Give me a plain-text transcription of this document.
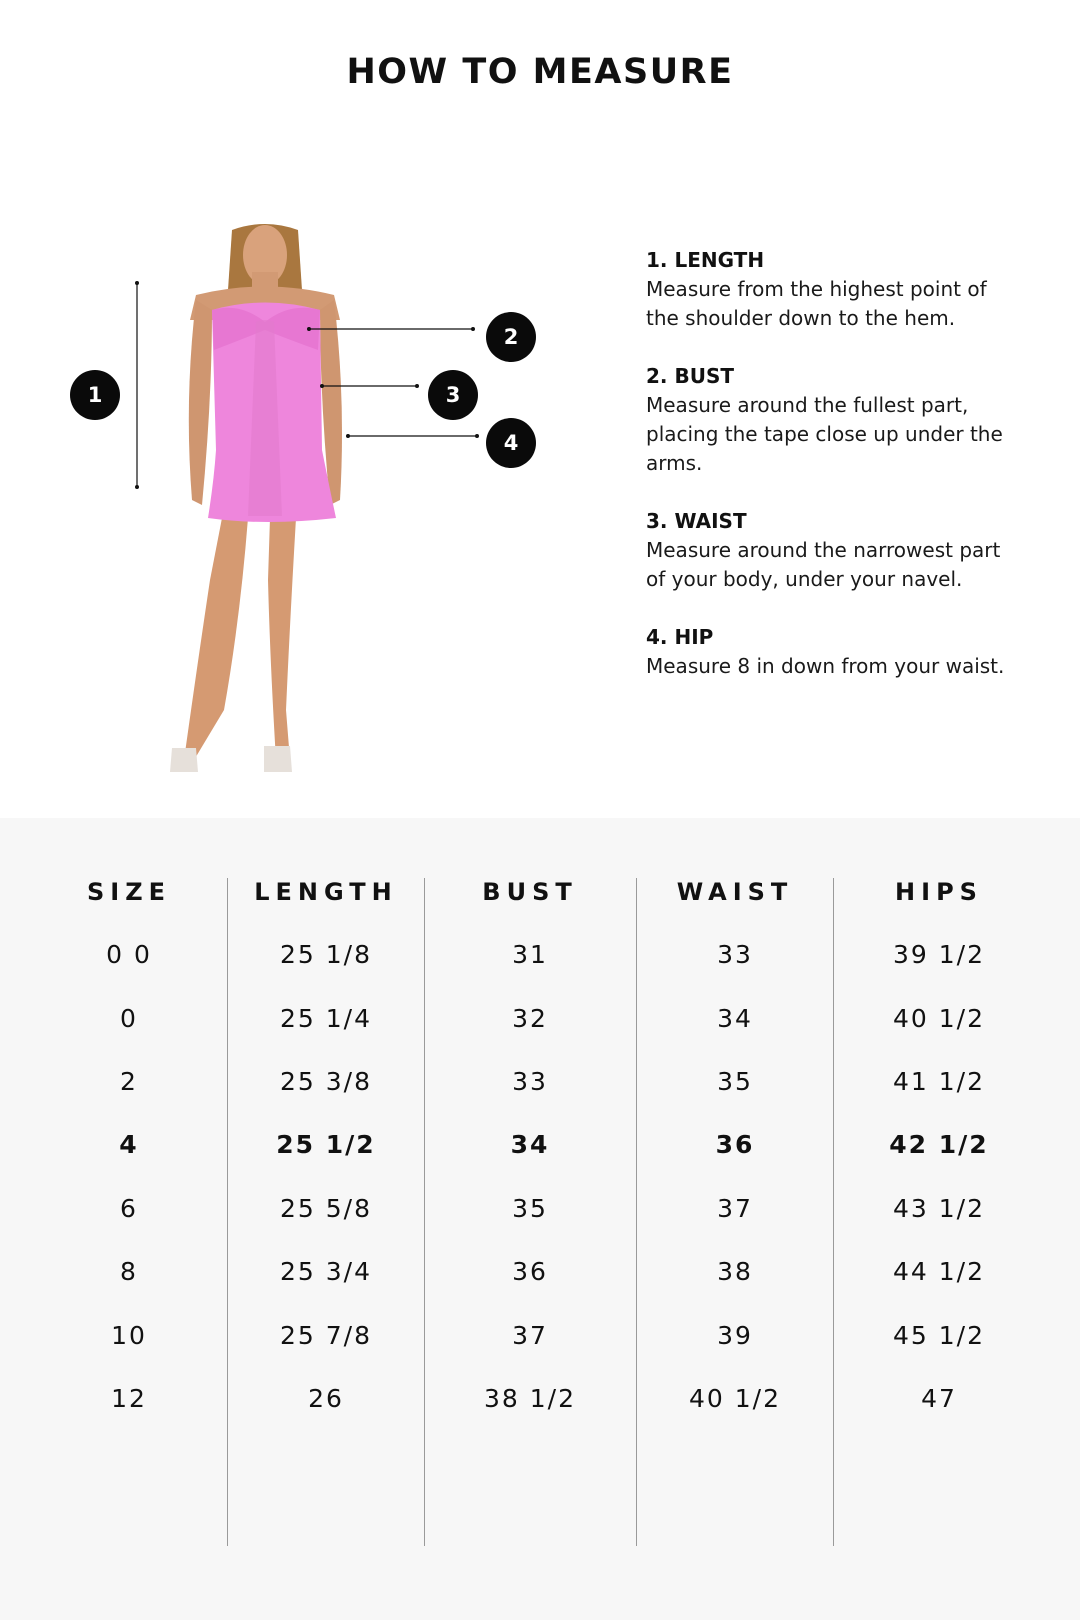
HOW TO MEASURE
1
2
3
4
1. LENGTH
Measure from the highest point of the shoulder down to the hem.
2. BUST
Measure around the fullest part, placing the tape close up under the arms.
3. WAIST
Measure around the narrowest part of your body, under your navel.
4. HIP
Measure 8 in down from your waist.
SIZE
0 0
0
2
4
6
8
10
12
LENGTH
25 1/8
25 1/4
25 3/8
25 1/2
25 5/8
25 3/4
25 7/8
26
BUST
31
32
33
34
35
36
37
38 1/2
WAIST
33
34
35
36
37
38
39
40 1/2
HIPS
39 1/2
40 1/2
41 1/2
42 1/2
43 1/2
44 1/2
45 1/2
47
